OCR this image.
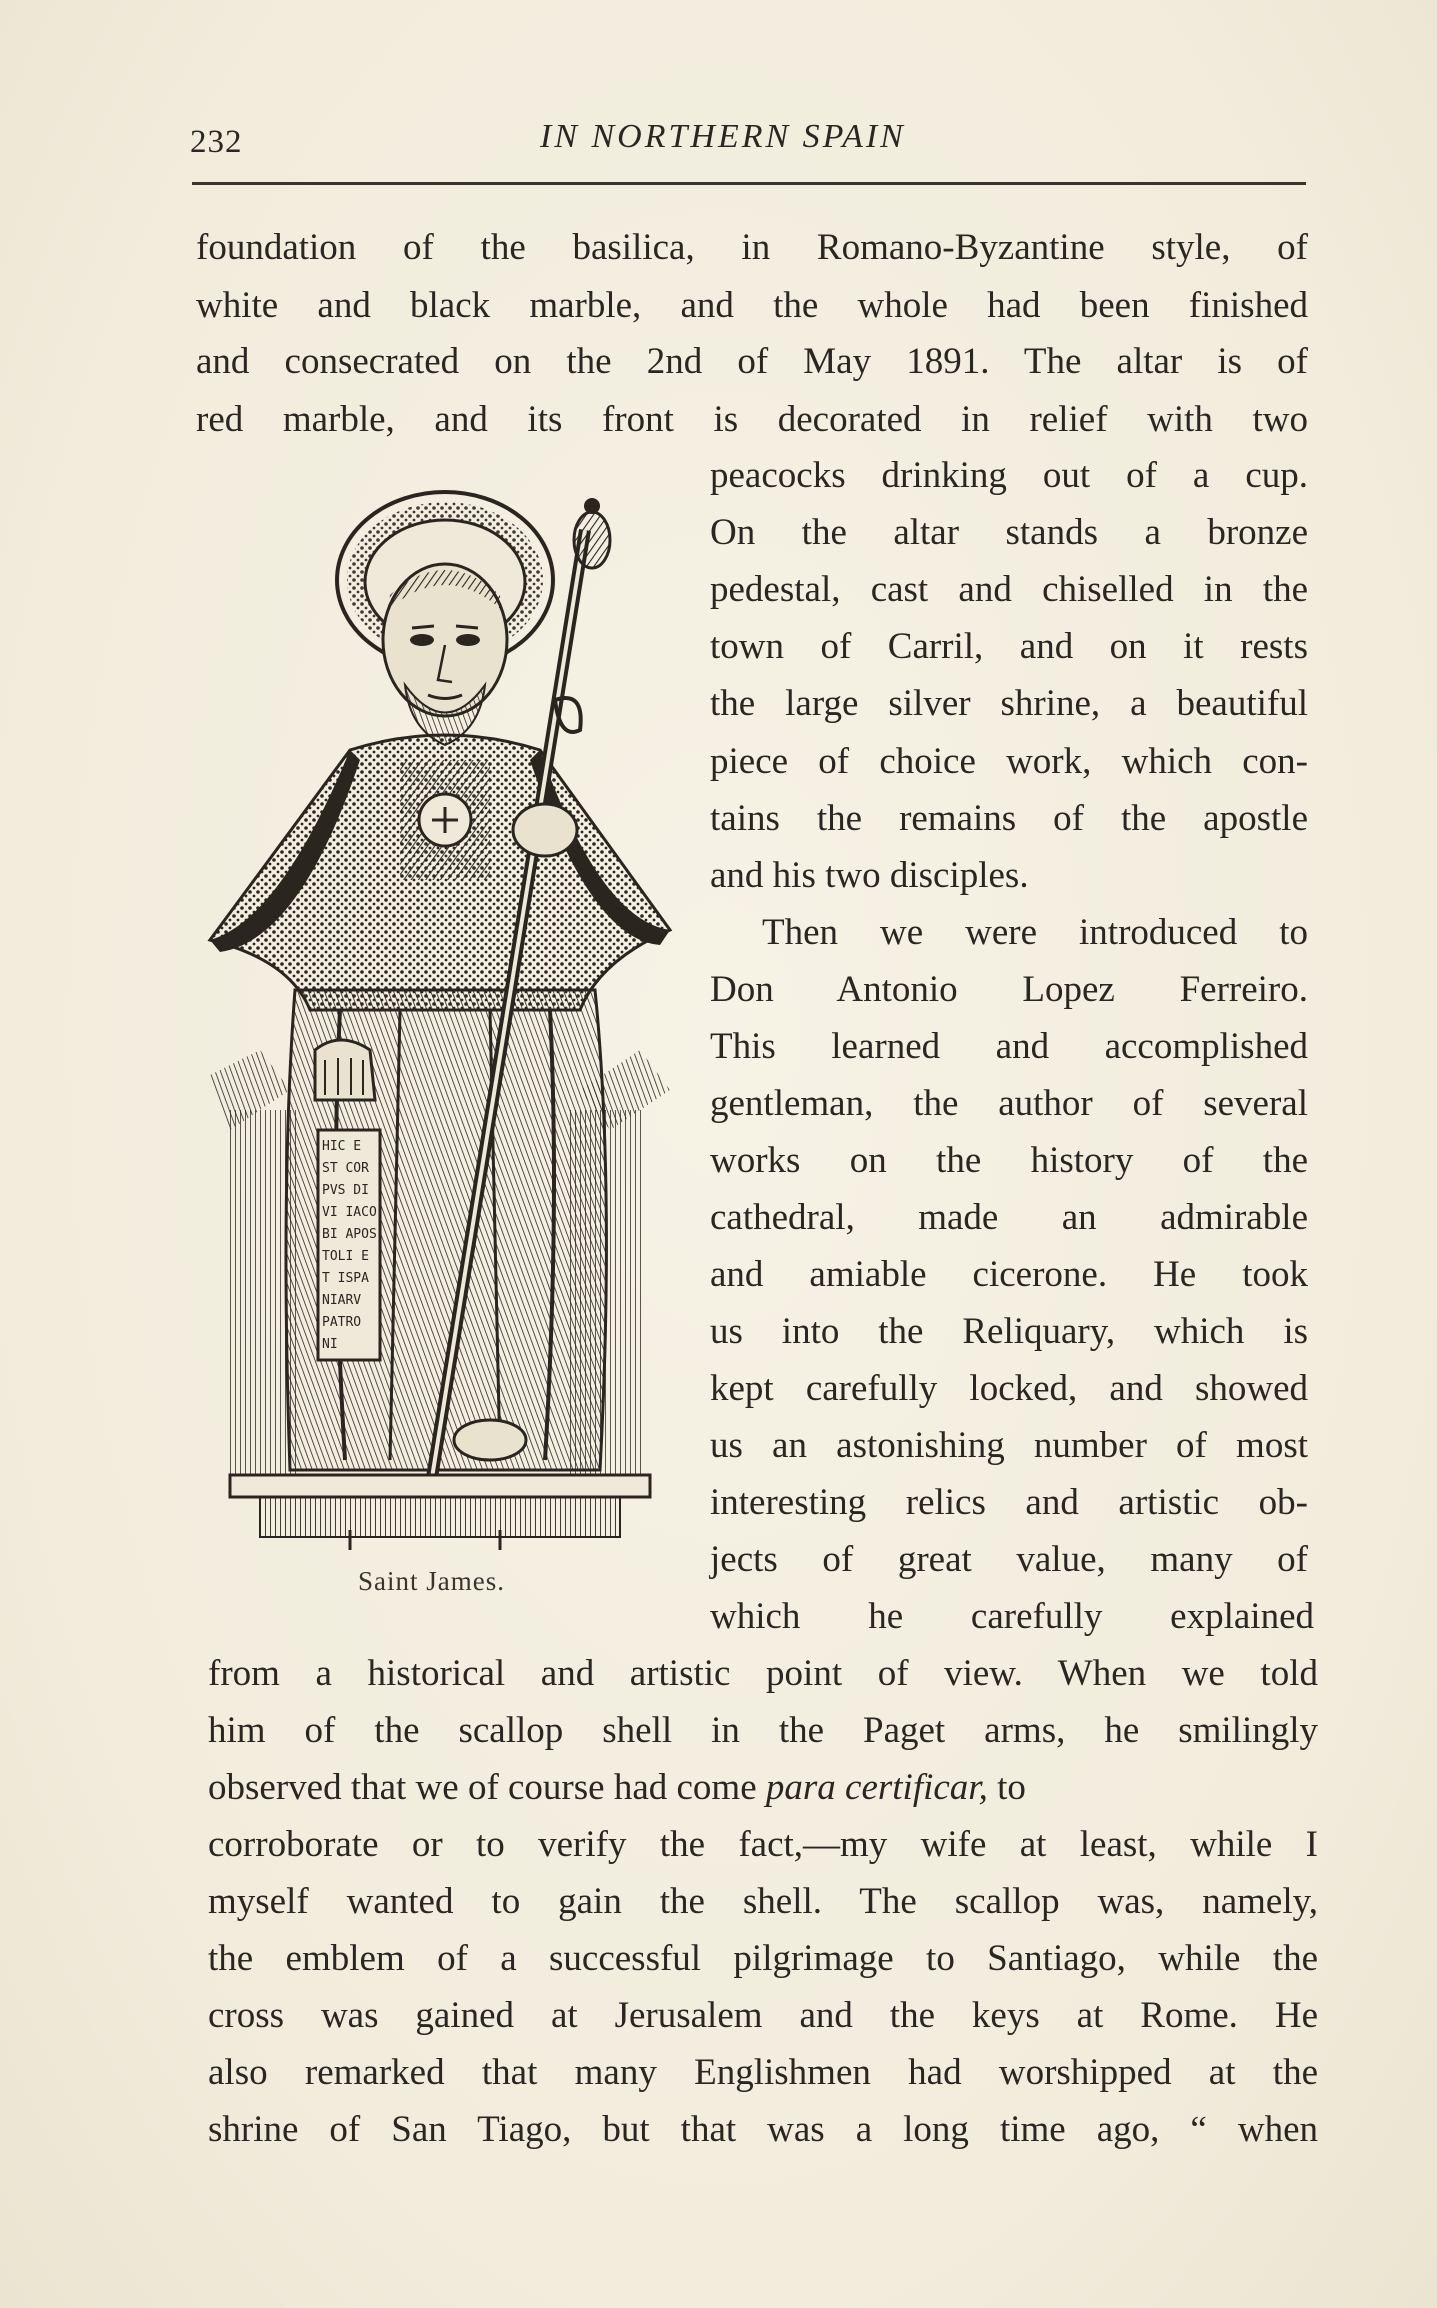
232	IN NORTHERN SPAIN
foundation of the basilica, in Romano-Byzantine style, of
white and black marble, and the whole had been finished
and consecrated on the 2nd of May 1891. The altar is of
red marble, and its front is decorated in relief with two
peacocks drinking out of a cup.
On the altar stands a bronze
pedestal, cast and chiselled in the
town of Carril, and on it rests
the large silver shrine, a beautiful
piece of choice work, which con-
tains the remains of the apostle
and his two disciples.
Then we were introduced to
Don Antonio Lopez Ferreiro.
This learned and accomplished
gentleman, the author of several
works on the history of the
cathedral, made an admirable
and amiable cicerone. He took
us into the Reliquary, which is
kept carefully locked, and showed
us an astonishing number of most
interesting relics and artistic ob-
jects of great value, many of
which he carefully explained
from a historical and artistic point of view. When we told
him of the scallop shell in the Paget arms, he smilingly
observed that we of course had come para certificar, to
corroborate or to verify the fact,—my wife at least, while I
myself wanted to gain the shell. The scallop was, namely,
the emblem of a successful pilgrimage to Santiago, while the
cross was gained at Jerusalem and the keys at Rome. He
also remarked that many Englishmen had worshipped at the
shrine of San Tiago, but that was a long time ago, “ when
HIC E
ST COR
PVS DI
VI IACO
BI APOS
TOLI E
T ISPA
NIARV
PATRO
NI
Saint James.
